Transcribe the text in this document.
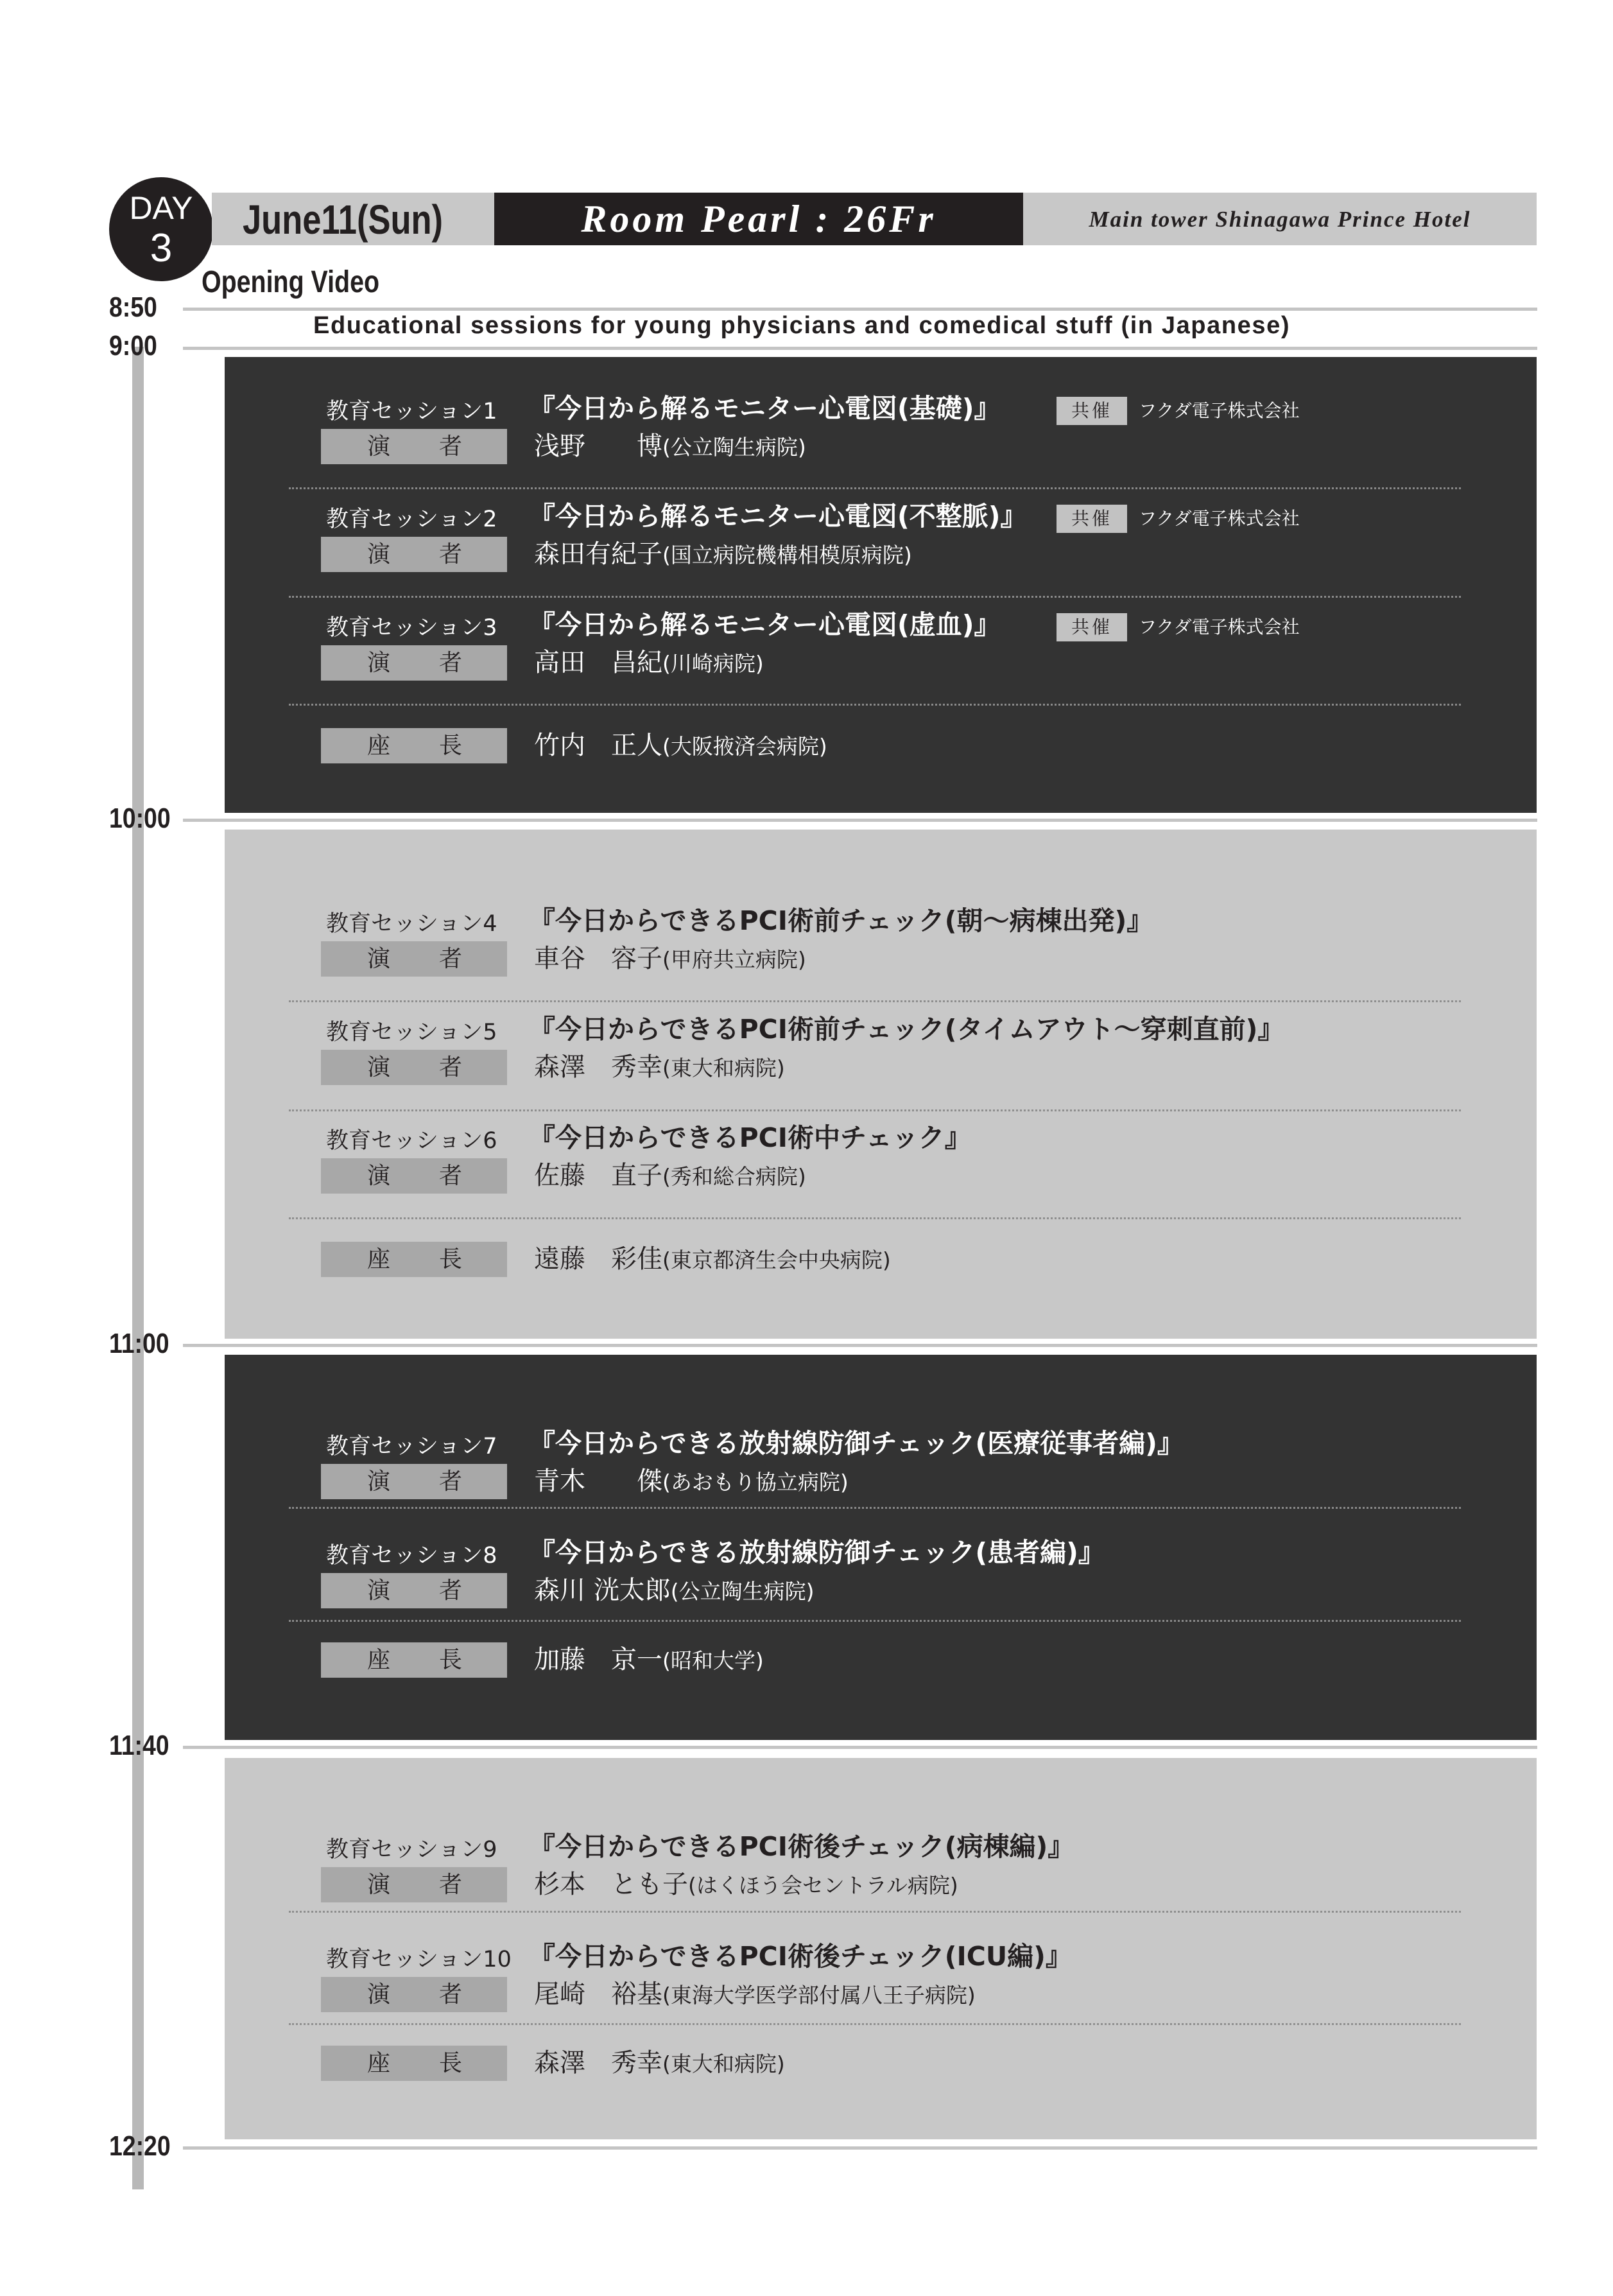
DAY
3
June11(Sun)	Room Pearl : 26Fr	Main tower Shinagawa Prince Hotel
8:50
9:00
10:00
11:00
11:40
12:20
Opening Video
Educational sessions for young physicians and comedical stuff (in Japanese)
教育セッション1 『今日から解るモニター心電図(基礎)』	共催	フクダ電子株式会社
演 者	浅野　　博(公立陶生病院)
教育セッション2 『今日から解るモニター心電図(不整脈)』	共催	フクダ電子株式会社
演 者	森田有紀子(国立病院機構相模原病院)
教育セッション3 『今日から解るモニター心電図(虚血)』	共催	フクダ電子株式会社
演 者	高田　昌紀(川崎病院)
座 長	竹内　正人(大阪掖済会病院)
教育セッション4 『今日からできるPCI術前チェック(朝～病棟出発)』
演 者	車谷　容子(甲府共立病院)
教育セッション5 『今日からできるPCI術前チェック(タイムアウト～穿刺直前)』
演 者	森澤　秀幸(東大和病院)
教育セッション6 『今日からできるPCI術中チェック』
演 者	佐藤　直子(秀和総合病院)
座 長	遠藤　彩佳(東京都済生会中央病院)
教育セッション7 『今日からできる放射線防御チェック(医療従事者編)』
演 者	青木　　傑(あおもり協立病院)
教育セッション8 『今日からできる放射線防御チェック(患者編)』
演 者	森川 洸太郎(公立陶生病院)
座 長	加藤　京一(昭和大学)
教育セッション9 『今日からできるPCI術後チェック(病棟編)』
演 者	杉本　とも子(はくほう会セントラル病院)
教育セッション10 『今日からできるPCI術後チェック(ICU編)』
演 者	尾崎　裕基(東海大学医学部付属八王子病院)
座 長	森澤　秀幸(東大和病院)
